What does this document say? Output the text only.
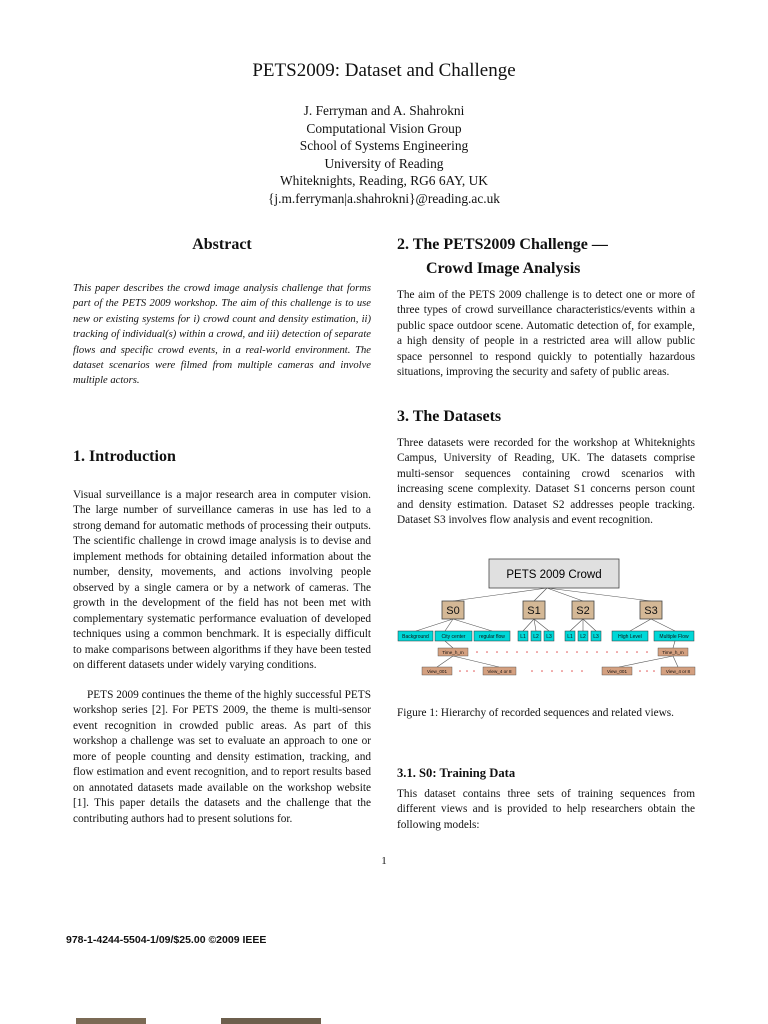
PETS2009: Dataset and Challenge
J. Ferryman and A. Shahrokni
Computational Vision Group
School of Systems Engineering
University of Reading
Whiteknights, Reading, RG6 6AY, UK
{j.m.ferryman|a.shahrokni}@reading.ac.uk
Abstract

This paper describes the crowd image analysis challenge that forms part of the PETS 2009 workshop. The aim of this challenge is to use new or existing systems for i) crowd count and density estimation, ii) tracking of individual(s) within a crowd, and iii) detection of separate flows and specific crowd events, in a real-world environment. The dataset scenarios were filmed from multiple cameras and involve multiple actors.

1. Introduction

Visual surveillance is a major research area in computer vision. The large number of surveillance cameras in use has led to a strong demand for automatic methods of processing their outputs. The scientific challenge in crowd image analysis is to devise and implement methods for obtaining detailed information about the number, density, movements, and actions involving people observed by a single camera or by a network of cameras. The growth in the development of the field has not been met with complementary systematic performance evaluation of developed techniques using a common benchmark. It is especially difficult to make comparisons between algorithms if they have been tested on different datasets under widely varying conditions.

PETS 2009 continues the theme of the highly successful PETS workshop series [2]. For PETS 2009, the theme is multi-sensor event recognition in crowded public areas. As part of this workshop a challenge was set to evaluate an approach to one or more of people counting and density estimation, tracking, and flow estimation and event recognition, and to report results based on annotated datasets made available on the workshop website [1]. This paper details the datasets and the challenge that the contributing authors had to present solutions for.

2. The PETS2009 Challenge —
Crowd Image Analysis

The aim of the PETS 2009 challenge is to detect one or more of three types of crowd surveillance characteristics/events within a public space outdoor scene. Automatic detection of, for example, a high density of people in a restricted area will allow public space personnel to respond quickly to potentially hazardous situations, improving the security and safety of public areas.

3. The Datasets

Three datasets were recorded for the workshop at Whiteknights Campus, University of Reading, UK. The datasets comprise multi-sensor sequences containing crowd scenarios with increasing scene complexity. Dataset S1 concerns person count and density estimation. Dataset S2 addresses people tracking. Dataset S3 involves flow analysis and event recognition.

Figure 1: Hierarchy of recorded sequences and related views.
3.1. S0: Training Data

This dataset contains three sets of training sequences from different views and is provided to help researchers obtain the following models:

PETS 2009 Crowd
S0	S1	S2	S3
Background	City center	regular flow	L1 L2 L3	L1 L2 L3	High Level	Multiple Flow
Time_h_m	Time_h_m
View_001	View_4 or 8	View_001	View_4 or 8
1
978-1-4244-5504-1/09/$25.00 ©2009 IEEE
